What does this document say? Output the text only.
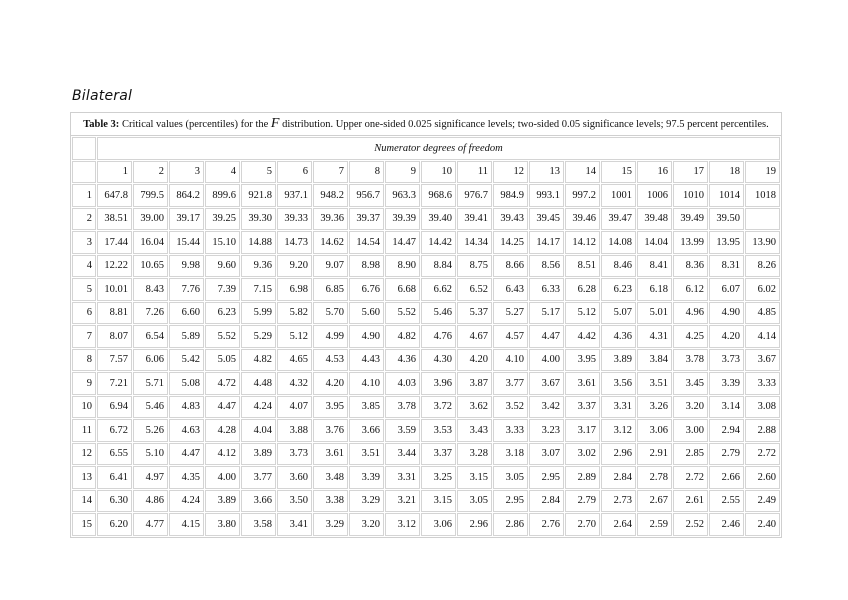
Bilateral
Table 3: Critical values (percentiles) for the F distribution. Upper one-sided 0.025 significance levels; two-sided 0.05 significance levels; 97.5 percent percentiles.
	Numerator degrees of freedom																		
	1	2	3	4	5	6	7	8	9	10	11	12	13	14	15	16	17	18	19
1	647.8	799.5	864.2	899.6	921.8	937.1	948.2	956.7	963.3	968.6	976.7	984.9	993.1	997.2	1001	1006	1010	1014	1018
2	38.51	39.00	39.17	39.25	39.30	39.33	39.36	39.37	39.39	39.40	39.41	39.43	39.45	39.46	39.47	39.48	39.49	39.50	
3	17.44	16.04	15.44	15.10	14.88	14.73	14.62	14.54	14.47	14.42	14.34	14.25	14.17	14.12	14.08	14.04	13.99	13.95	13.90
4	12.22	10.65	9.98	9.60	9.36	9.20	9.07	8.98	8.90	8.84	8.75	8.66	8.56	8.51	8.46	8.41	8.36	8.31	8.26
5	10.01	8.43	7.76	7.39	7.15	6.98	6.85	6.76	6.68	6.62	6.52	6.43	6.33	6.28	6.23	6.18	6.12	6.07	6.02
6	8.81	7.26	6.60	6.23	5.99	5.82	5.70	5.60	5.52	5.46	5.37	5.27	5.17	5.12	5.07	5.01	4.96	4.90	4.85
7	8.07	6.54	5.89	5.52	5.29	5.12	4.99	4.90	4.82	4.76	4.67	4.57	4.47	4.42	4.36	4.31	4.25	4.20	4.14
8	7.57	6.06	5.42	5.05	4.82	4.65	4.53	4.43	4.36	4.30	4.20	4.10	4.00	3.95	3.89	3.84	3.78	3.73	3.67
9	7.21	5.71	5.08	4.72	4.48	4.32	4.20	4.10	4.03	3.96	3.87	3.77	3.67	3.61	3.56	3.51	3.45	3.39	3.33
10	6.94	5.46	4.83	4.47	4.24	4.07	3.95	3.85	3.78	3.72	3.62	3.52	3.42	3.37	3.31	3.26	3.20	3.14	3.08
11	6.72	5.26	4.63	4.28	4.04	3.88	3.76	3.66	3.59	3.53	3.43	3.33	3.23	3.17	3.12	3.06	3.00	2.94	2.88
12	6.55	5.10	4.47	4.12	3.89	3.73	3.61	3.51	3.44	3.37	3.28	3.18	3.07	3.02	2.96	2.91	2.85	2.79	2.72
13	6.41	4.97	4.35	4.00	3.77	3.60	3.48	3.39	3.31	3.25	3.15	3.05	2.95	2.89	2.84	2.78	2.72	2.66	2.60
14	6.30	4.86	4.24	3.89	3.66	3.50	3.38	3.29	3.21	3.15	3.05	2.95	2.84	2.79	2.73	2.67	2.61	2.55	2.49
15	6.20	4.77	4.15	3.80	3.58	3.41	3.29	3.20	3.12	3.06	2.96	2.86	2.76	2.70	2.64	2.59	2.52	2.46	2.40
